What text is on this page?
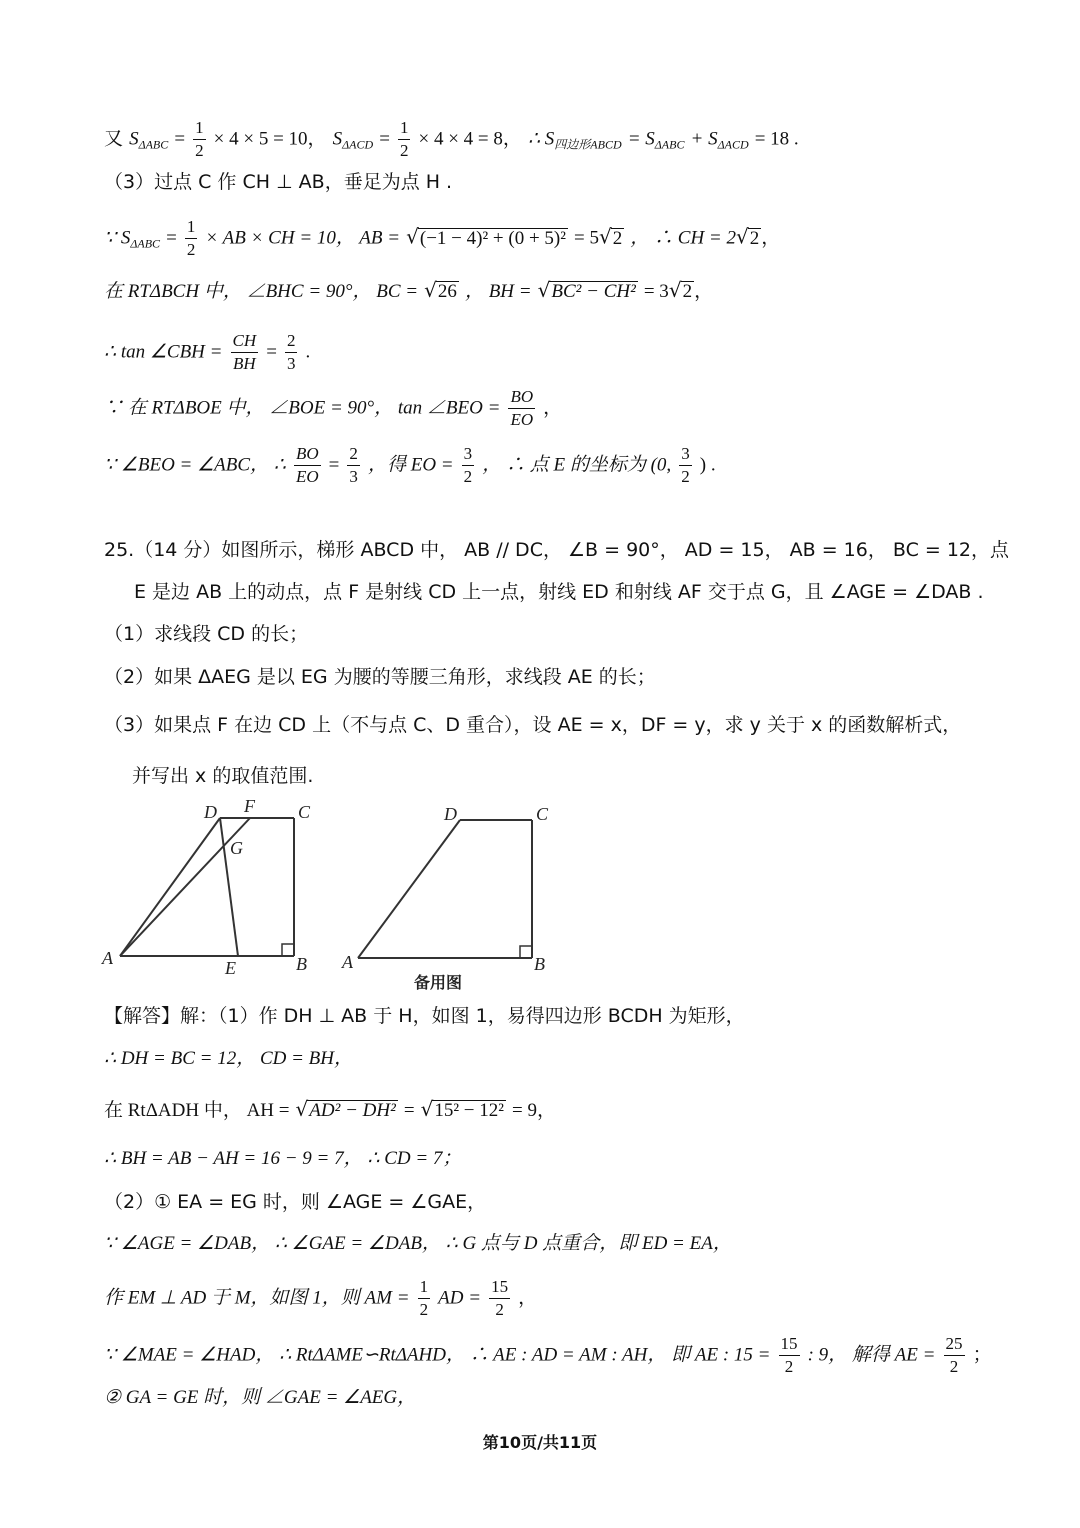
又 $S_{\Delta ABC} = \frac{1}{2} \times 4 \times 5 = 10$， $S_{\Delta ACD} = \frac{1}{2} \times 4 \times 4 = 8$， ∴ $S_{四边形ABCD} = S_{\Delta ABC} + S_{\Delta ACD} = 18$ .
（3）过点 C 作 CH ⊥ AB，垂足为点 H .
∵ $S_{\Delta ABC} = \frac{1}{2}$ × AB × CH = 10， AB = √(−1 − 4)² + (0 + 5)² = 5√2 ， ∴ CH = 2√2 ，
在 RTΔBCH 中， ∠BHC = 90°， BC = √26 ， BH = √BC² − CH² = 3√2 ，
∴ tan ∠CBH = $\frac{CH}{BH} = \frac{2}{3}$ .
∵ 在 RTΔBOE 中， ∠BOE = 90°， tan ∠BEO = $\frac{BO}{EO}$ ，
∵ ∠BEO = ∠ABC， ∴ $\frac{BO}{EO} = \frac{2}{3}$ ，得 EO = $\frac{3}{2}$ ， ∴ 点 E 的坐标为 (0, $\frac{3}{2}$ ) .
25.（14 分）如图所示，梯形 ABCD 中， AB // DC， ∠B = 90°， AD = 15， AB = 16， BC = 12，点
E 是边 AB 上的动点，点 F 是射线 CD 上一点，射线 ED 和射线 AF 交于点 G，且 ∠AGE = ∠DAB .
（1）求线段 CD 的长；
（2）如果 ΔAEG 是以 EG 为腰的等腰三角形，求线段 AE 的长；
（3）如果点 F 在边 CD 上（不与点 C、D 重合），设 AE = x，DF = y，求 y 关于 x 的函数解析式，
并写出 x 的取值范围.
D F C
G
A	E	B
D	C
A	B
备用图
【解答】解：（1）作 DH ⊥ AB 于 H，如图 1，易得四边形 BCDH 为矩形，
∴ DH = BC = 12， CD = BH，
在 RtΔADH 中， AH = √AD² − DH² = √15² − 12² = 9，
∴ BH = AB − AH = 16 − 9 = 7， ∴ CD = 7；
（2）① EA = EG 时，则 ∠AGE = ∠GAE，
∵ ∠AGE = ∠DAB， ∴ ∠GAE = ∠DAB， ∴ G 点与 D 点重合，即 ED = EA，
作 EM ⊥ AD 于 M，如图 1，则 AM = $\frac{1}{2}$ AD = $\frac{15}{2}$ ，
∵ ∠MAE = ∠HAD， ∴ RtΔAME∽RtΔAHD， ∴ AE : AD = AM : AH， 即 AE : $15 = \frac{15}{2}$ : 9， 解得 AE = $\frac{25}{2}$ ；
② GA = GE 时，则 ∠GAE = ∠AEG，
第10页/共11页
